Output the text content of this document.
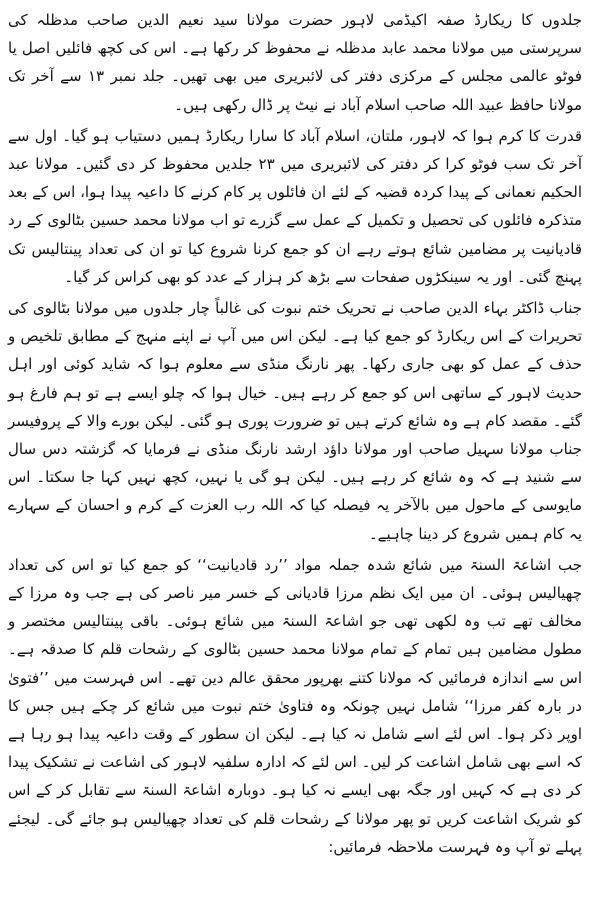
جلدوں کا ریکارڈ صفہ اکیڈمی لاہور حضرت مولانا سید نعیم الدین صاحب مدظلہ کی سرپرستی میں مولانا محمد عابد مدظلہ نے محفوظ کر رکھا ہے۔ اس کی کچھ فائلیں اصل یا فوٹو عالمی مجلس کے مرکزی دفتر کی لائبریری میں بھی تھیں۔ جلد نمبر ۱۳ سے آخر تک مولانا حافظ عبید اللہ صاحب اسلام آباد نے نیٹ پر ڈال رکھی ہیں۔

قدرت کا کرم ہوا کہ لاہور، ملتان، اسلام آباد کا سارا ریکارڈ ہمیں دستیاب ہو گیا۔ اول سے آخر تک سب فوٹو کرا کر دفتر کی لائبریری میں ۲۳ جلدیں محفوظ کر دی گئیں۔ مولانا عبد الحکیم نعمانی کے پیدا کردہ قضیہ کے لئے ان فائلوں پر کام کرنے کا داعیہ پیدا ہوا، اس کے بعد متذکرہ فائلوں کی تحصیل و تکمیل کے عمل سے گزرے تو اب مولانا محمد حسین بٹالوی کے رد قادیانیت پر مضامین شائع ہوتے رہے ان کو جمع کرنا شروع کیا تو ان کی تعداد پینتالیس تک پہنچ گئی۔ اور یہ سینکڑوں صفحات سے بڑھ کر ہزار کے عدد کو بھی کراس کر گیا۔

جناب ڈاکٹر بہاء الدین صاحب نے تحریک ختم نبوت کی غالباً چار جلدوں میں مولانا بٹالوی کی تحریرات کے اس ریکارڈ کو جمع کیا ہے۔ لیکن اس میں آپ نے اپنے منہج کے مطابق تلخیص و حذف کے عمل کو بھی جاری رکھا۔ پھر نارنگ منڈی سے معلوم ہوا کہ شاید کوئی اور اہل حدیث لاہور کے ساتھی اس کو جمع کر رہے ہیں۔ خیال ہوا کہ چلو ایسے ہے تو ہم فارغ ہو گئے۔ مقصد کام ہے وہ شائع کرتے ہیں تو ضرورت پوری ہو گئی۔ لیکن بورے والا کے پروفیسر جناب مولانا سہیل صاحب اور مولانا داؤد ارشد نارنگ منڈی نے فرمایا کہ گزشتہ دس سال سے شنید ہے کہ وہ شائع کر رہے ہیں۔ لیکن ہو گی یا نہیں، کچھ نہیں کہا جا سکتا۔ اس مایوسی کے ماحول میں بالآخر یہ فیصلہ کیا کہ اللہ رب العزت کے کرم و احسان کے سہارے یہ کام ہمیں شروع کر دینا چاہیے۔

جب اشاعۃ السنۃ میں شائع شدہ جملہ مواد ’’رد قادیانیت‘‘ کو جمع کیا تو اس کی تعداد چھیالیس ہوئی۔ ان میں ایک نظم مرزا قادیانی کے خسر میر ناصر کی ہے جب وہ مرزا کے مخالف تھے تب وہ لکھی تھی جو اشاعۃ السنۃ میں شائع ہوئی۔ باقی پینتالیس مختصر و مطول مضامین ہیں تمام کے تمام مولانا محمد حسین بٹالوی کے رشحات قلم کا صدقہ ہے۔ اس سے اندازہ فرمائیں کہ مولانا کتنے بھرپور محقق عالم دین تھے۔ اس فہرست میں ’’فتویٰ در بارہ کفر مرزا‘‘ شامل نہیں چونکہ وہ فتاویٰ ختم نبوت میں شائع کر چکے ہیں جس کا اوپر ذکر ہوا۔ اس لئے اسے شامل نہ کیا ہے۔ لیکن ان سطور کے وقت داعیہ پیدا ہو رہا ہے کہ اسے بھی شامل اشاعت کر لیں۔ اس لئے کہ ادارہ سلفیہ لاہور کی اشاعت نے تشکیک پیدا کر دی ہے کہ کہیں اور جگہ بھی ایسے نہ کیا ہو۔ دوبارہ اشاعۃ السنۃ سے تقابل کر کے اس کو شریک اشاعت کریں تو پھر مولانا کے رشحات قلم کی تعداد چھیالیس ہو جائے گی۔ لیجئے پہلے تو آپ وہ فہرست ملاحظہ فرمائیں:
